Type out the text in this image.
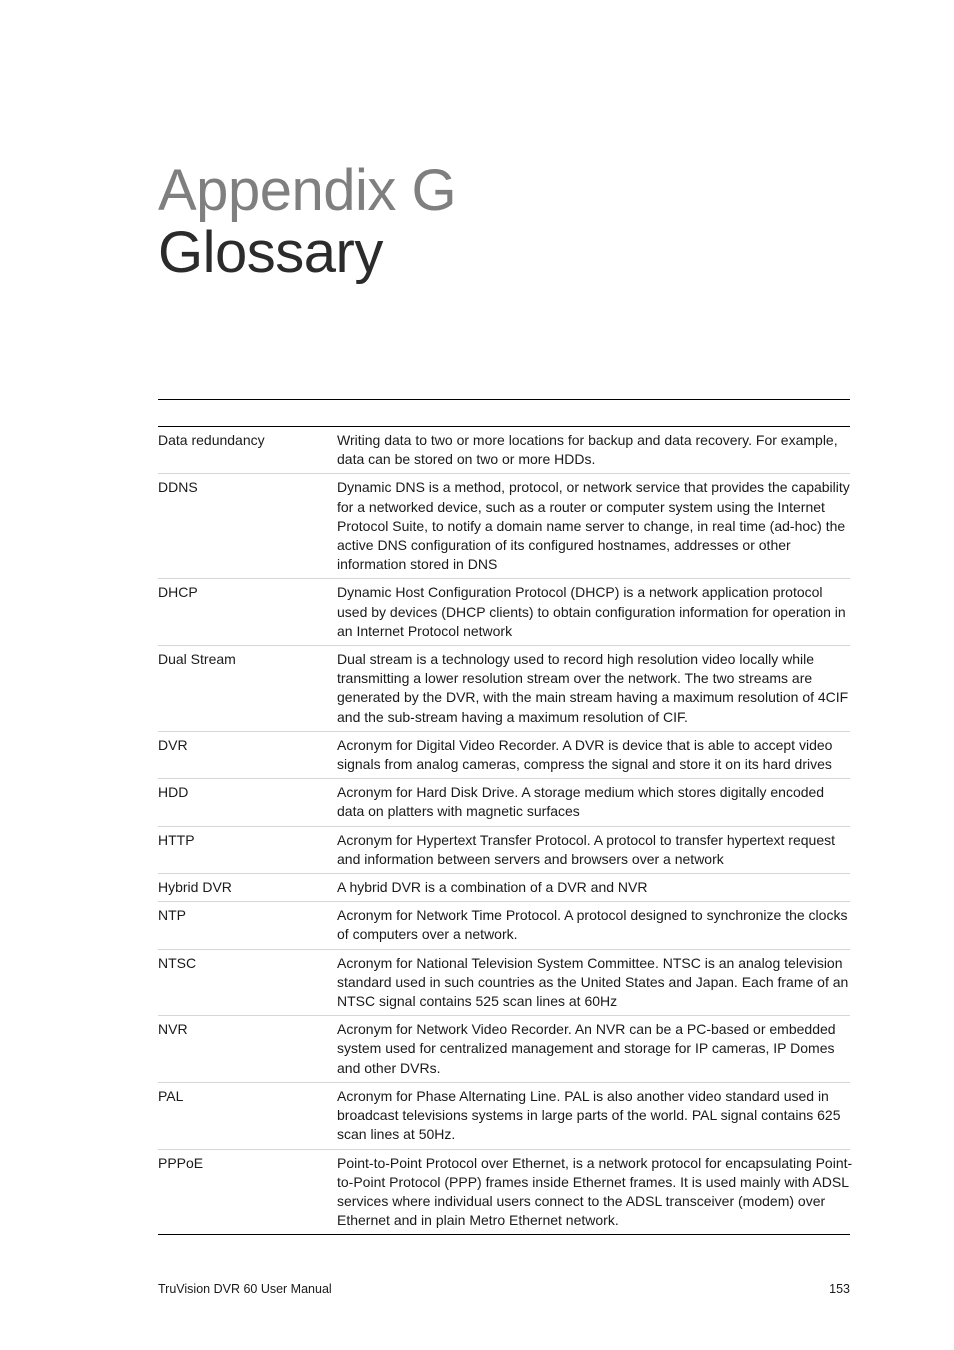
Appendix G
Glossary
Data redundancy	Writing data to two or more locations for backup and data recovery. For example, data can be stored on two or more HDDs.
DDNS	Dynamic DNS is a method, protocol, or network service that provides the capability for a networked device, such as a router or computer system using the Internet Protocol Suite, to notify a domain name server to change, in real time (ad-hoc) the active DNS configuration of its configured hostnames, addresses or other information stored in DNS
DHCP	Dynamic Host Configuration Protocol (DHCP) is a network application protocol used by devices (DHCP clients) to obtain configuration information for operation in an Internet Protocol network
Dual Stream	Dual stream is a technology used to record high resolution video locally while transmitting a lower resolution stream over the network. The two streams are generated by the DVR, with the main stream having a maximum resolution of 4CIF and the sub-stream having a maximum resolution of CIF.
DVR	Acronym for Digital Video Recorder. A DVR is device that is able to accept video signals from analog cameras, compress the signal and store it on its hard drives
HDD	Acronym for Hard Disk Drive. A storage medium which stores digitally encoded data on platters with magnetic surfaces
HTTP	Acronym for Hypertext Transfer Protocol. A protocol to transfer hypertext request and information between servers and browsers over a network
Hybrid DVR	A hybrid DVR is a combination of a DVR and NVR
NTP	Acronym for Network Time Protocol. A protocol designed to synchronize the clocks of computers over a network.
NTSC	Acronym for National Television System Committee. NTSC is an analog television standard used in such countries as the United States and Japan. Each frame of an NTSC signal contains 525 scan lines at 60Hz
NVR	Acronym for Network Video Recorder. An NVR can be a PC-based or embedded system used for centralized management and storage for IP cameras, IP Domes and other DVRs.
PAL	Acronym for Phase Alternating Line. PAL is also another video standard used in broadcast televisions systems in large parts of the world. PAL signal contains 625 scan lines at 50Hz.
PPPoE	Point-to-Point Protocol over Ethernet, is a network protocol for encapsulating Point-to-Point Protocol (PPP) frames inside Ethernet frames. It is used mainly with ADSL services where individual users connect to the ADSL transceiver (modem) over Ethernet and in plain Metro Ethernet network.
TruVision DVR 60 User Manual	153
